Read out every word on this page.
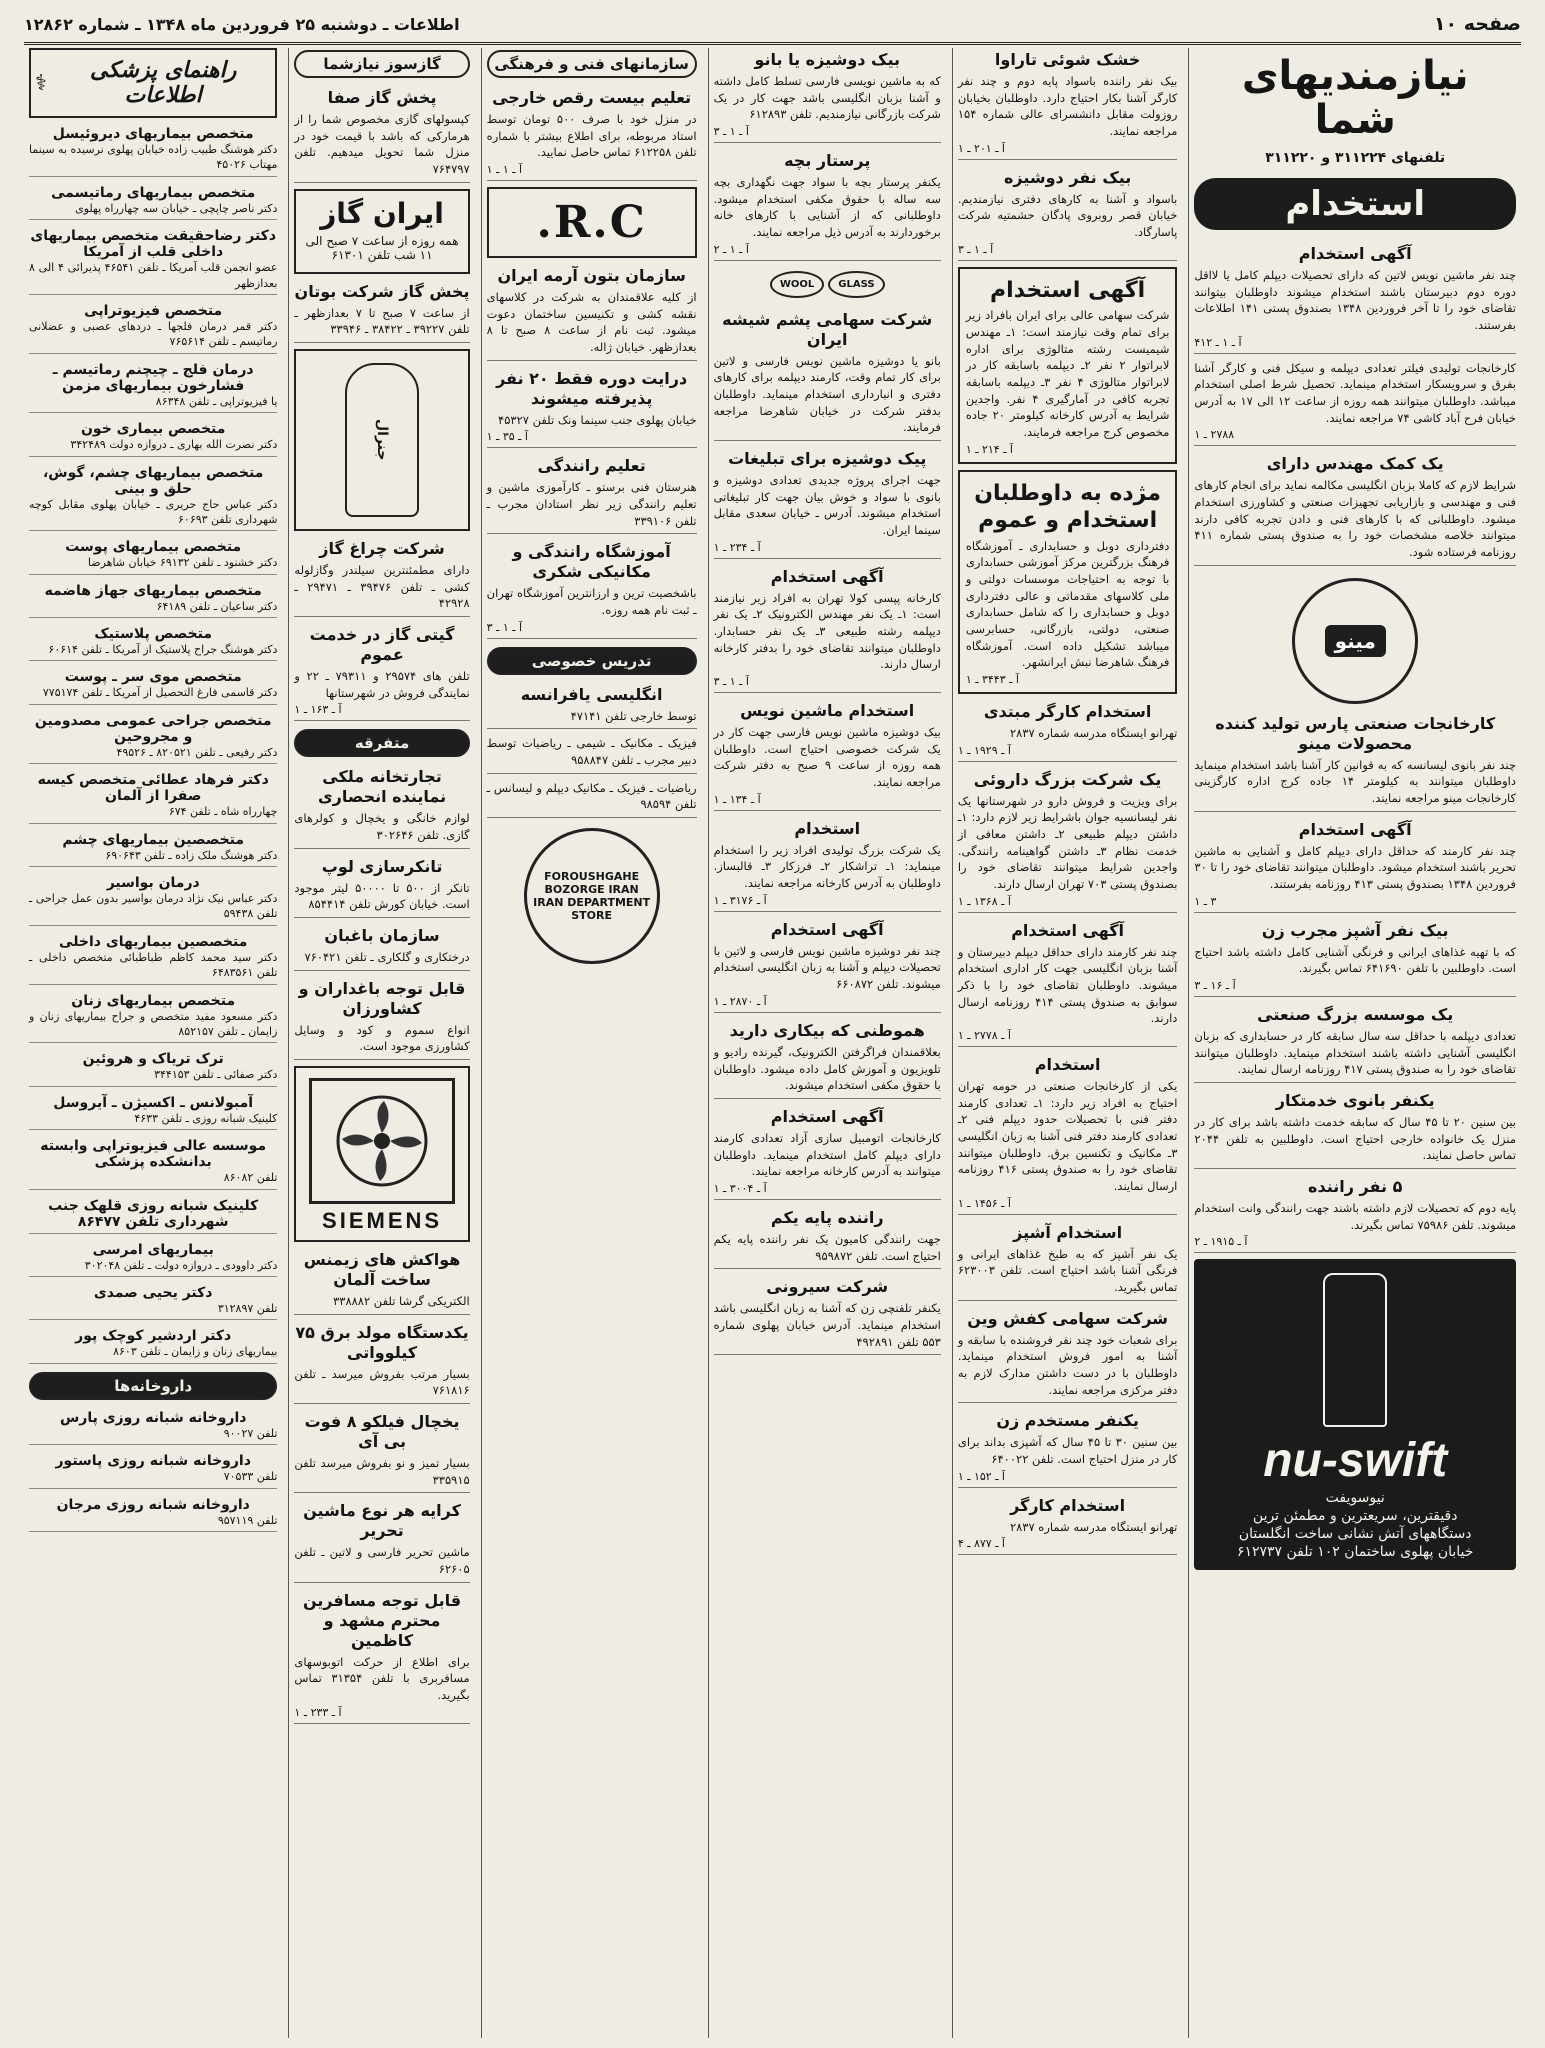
صفحه ۱۰
اطلاعات ـ دوشنبه ۲۵ فروردین ماه ۱۳۴۸ ـ شماره ۱۲۸۶۲
نیازمندیهای شما
تلفنهای ۳۱۱۲۲۴ و ۳۱۱۲۲۰
استخدام
آگهی استخدام

چند نفر ماشین نویس لاتین که دارای تحصیلات دیپلم کامل یا لااقل دوره دوم دبیرستان باشند استخدام میشوند داوطلبان بیتوانند تقاضای خود را تا آخر فروردین ۱۳۴۸ بصندوق پستی ۱۴۱ اطلاعات بفرستند.

آ ـ ۱ ـ ۴۱۲

کارخانجات تولیدی فیلتر تعدادی دیپلمه و سیکل فنی و کارگر آشنا بفرق و سرویسکار استخدام مینماید. تحصیل شرط اصلی استخدام میباشد. داوطلبان میتوانند همه روزه از ساعت ۱۲ الی ۱۷ به آدرس خیابان فرح آباد کاشی ۷۴ مراجعه نمایند.

۲۷۸۸ ـ ۱
یک کمک مهندس دارای

شرایط لازم که کاملا بزبان انگلیسی مکالمه نماید برای انجام کارهای فنی و مهندسی و بازاریابی تجهیزات صنعتی و کشاورزی استخدام میشود. داوطلبانی که با کارهای فنی و دادن تجربه کافی دارند میتوانند خلاصه مشخصات خود را به صندوق پستی شماره ۴۱۱ روزنامه فرستاده شود.

مینو
کارخانجات صنعتی پارس تولید کننده محصولات مینو

چند نفر بانوی لیسانسه که به قوانین کار آشنا باشد استخدام مینماید داوطلبان میتوانند به کیلومتر ۱۴ جاده کرج اداره کارگزینی کارخانجات مینو مراجعه نمایند.

آگهی استخدام

چند نفر کارمند که حداقل دارای دیپلم کامل و آشنایی به ماشین تحریر باشند استخدام میشود. داوطلبان میتوانند تقاضای خود را تا ۳۰ فروردین ۱۳۴۸ بصندوق پستی ۴۱۳ روزنامه بفرستند.

۳ ـ ۱
بیک نفر آشپز مجرب زن

که با تهیه غذاهای ایرانی و فرنگی آشنایی کامل داشته باشد احتیاج است. داوطلبین با تلفن ۶۴۱۶۹۰ تماس بگیرند.

آ ـ ۱۶ ـ ۳
یک موسسه بزرگ صنعتی

تعدادی دیپلمه با حداقل سه سال سابقه کار در حسابداری که بزبان انگلیسی آشنایی داشته باشند استخدام مینماید. داوطلبان میتوانند تقاضای خود را به صندوق پستی ۴۱۷ روزنامه ارسال نمایند.

یکنفر بانوی خدمتکار

بین سنین ۲۰ تا ۴۵ سال که سابقه خدمت داشته باشد برای کار در منزل یک خانواده خارجی احتیاج است. داوطلبین به تلفن ۲۰۴۴ تماس حاصل نمایند.

۵ نفر راننده

پایه دوم که تحصیلات لازم داشته باشند جهت رانندگی وانت استخدام میشوند. تلفن ۷۵۹۸۶ تماس بگیرند.

آ ـ ۱۹۱۵ ـ ۲
nu-swift

نیوسویفت

دقیقترین، سریعترین و مطمئن ترین

دستگاههای آتش نشانی ساخت انگلستان

خیابان پهلوی ساختمان ۱۰۲ تلفن ۶۱۲۷۳۷

خشک شوئی تاراوا

بیک نفر راننده باسواد پایه دوم و چند نفر کارگر آشنا بکار احتیاج دارد. داوطلبان بخیابان روزولت مقابل دانشسرای عالی شماره ۱۵۴ مراجعه نمایند.

آ ـ ۲۰۱ ـ ۱
بیک نفر دوشیزه

باسواد و آشنا به کارهای دفتری نیازمندیم. خیابان قصر روبروی پادگان حشمتیه شرکت پاسارگاد.

آ ـ ۱ ـ ۳
آگهی استخدام

شرکت سهامی عالی برای ایران بافراد زیر برای تمام وقت نیازمند است: ۱ـ مهندس شیمیست رشته متالوژی برای اداره لابراتوار ۲ نفر ۲ـ دیپلمه باسابقه کار در لابراتوار متالوژی ۴ نفر ۳ـ دیپلمه باسابقه تجربه کافی در آمارگیری ۴ نفر. واجدین شرایط به آدرس کارخانه کیلومتر ۲۰ جاده مخصوص کرج مراجعه فرمایند.

آ ـ ۲۱۴ ـ ۱
مژده به داوطلبان استخدام و عموم

دفترداری دوبل و حسابداری ـ آموزشگاه فرهنگ بزرگترین مرکز آموزشی حسابداری با توجه به احتیاجات موسسات دولتی و ملی کلاسهای مقدماتی و عالی دفترداری دوبل و حسابداری را که شامل حسابداری صنعتی، دولتی، بازرگانی، حسابرسی میباشد تشکیل داده است. آموزشگاه فرهنگ شاهرضا نبش ایرانشهر.

آ ـ ۳۴۴۳ ـ ۱
استخدام کارگر مبتدی

تهرانو ایستگاه مدرسه شماره ۲۸۳۷

آ ـ ۱۹۲۹ ـ ۱
یک شرکت بزرگ داروئی

برای ویزیت و فروش دارو در شهرستانها یک نفر لیسانسیه جوان باشرایط زیر لازم دارد: ۱ـ داشتن دیپلم طبیعی ۲ـ داشتن معافی از خدمت نظام ۳ـ داشتن گواهینامه رانندگی. واجدین شرایط میتوانند تقاضای خود را بصندوق پستی ۷۰۳ تهران ارسال دارند.

آ ـ ۱۳۶۸ ـ ۱
آگهی استخدام

چند نفر کارمند دارای حداقل دیپلم دبیرستان و آشنا بزبان انگلیسی جهت کار اداری استخدام میشوند. داوطلبان تقاضای خود را با ذکر سوابق به صندوق پستی ۴۱۴ روزنامه ارسال دارند.

آ ـ ۲۷۷۸ ـ ۱
استخدام

یکی از کارخانجات صنعتی در حومه تهران احتیاج به افراد زیر دارد: ۱ـ تعدادی کارمند دفتر فنی با تحصیلات حدود دیپلم فنی ۲ـ تعدادی کارمند دفتر فنی آشنا به زبان انگلیسی ۳ـ مکانیک و تکنسین برق. داوطلبان میتوانند تقاضای خود را به صندوق پستی ۴۱۶ روزنامه ارسال نمایند.

آ ـ ۱۴۵۶ ـ ۱
استخدام آشپز

یک نفر آشپز که به طبخ غذاهای ایرانی و فرنگی آشنا باشد احتیاج است. تلفن ۶۲۳۰۰۳ تماس بگیرید.

شرکت سهامی کفش وین

برای شعبات خود چند نفر فروشنده با سابقه و آشنا به امور فروش استخدام مینماید. داوطلبان با در دست داشتن مدارک لازم به دفتر مرکزی مراجعه نمایند.

یکنفر مستخدم زن

بین سنین ۳۰ تا ۴۵ سال که آشپزی بداند برای کار در منزل احتیاج است. تلفن ۶۴۰۰۲۲

آ ـ ۱۵۲ ـ ۱
استخدام کارگر

تهرانو ایستگاه مدرسه شماره ۲۸۳۷

آ ـ ۸۷۷ ـ ۴
بیک دوشیزه یا بانو

که به ماشین نویسی فارسی تسلط کامل داشته و آشنا بزبان انگلیسی باشد جهت کار در یک شرکت بازرگانی نیازمندیم. تلفن ۶۱۲۸۹۳

آ ـ ۱ ـ ۳
پرستار بچه

یکنفر پرستار بچه با سواد جهت نگهداری بچه سه ساله با حقوق مکفی استخدام میشود. داوطلبانی که از آشنایی با کارهای خانه برخوردارند به آدرس ذیل مراجعه نمایند.

آ ـ ۱ ـ ۲
GLASS
WOOL
شرکت سهامی پشم شیشه ایران

بانو یا دوشیزه ماشین نویس فارسی و لاتین برای کار تمام وقت، کارمند دیپلمه برای کارهای دفتری و انبارداری استخدام مینماید. داوطلبان بدفتر شرکت در خیابان شاهرضا مراجعه فرمایند.

پیک دوشیزه برای تبلیغات

جهت اجرای پروژه جدیدی تعدادی دوشیزه و بانوی با سواد و خوش بیان جهت کار تبلیغاتی استخدام میشوند. آدرس ـ خیابان سعدی مقابل سینما ایران.

آ ـ ۲۳۴ ـ ۱
آگهی استخدام

کارخانه پپسی کولا تهران به افراد زیر نیازمند است: ۱ـ یک نفر مهندس الکترونیک ۲ـ یک نفر دیپلمه رشته طبیعی ۳ـ یک نفر حسابدار. داوطلبان میتوانند تقاضای خود را بدفتر کارخانه ارسال دارند.

آ ـ ۱ ـ ۳
استخدام ماشین نویس

بیک دوشیزه ماشین نویس فارسی جهت کار در یک شرکت خصوصی احتیاج است. داوطلبان همه روزه از ساعت ۹ صبح به دفتر شرکت مراجعه نمایند.

آ ـ ۱۳۴ ـ ۱
استخدام

یک شرکت بزرگ تولیدی افراد زیر را استخدام مینماید: ۱ـ تراشکار ۲ـ فرزکار ۳ـ قالبساز. داوطلبان به آدرس کارخانه مراجعه نمایند.

آ ـ ۳۱۷۶ ـ ۱
آگهی استخدام

چند نفر دوشیزه ماشین نویس فارسی و لاتین با تحصیلات دیپلم و آشنا به زبان انگلیسی استخدام میشوند. تلفن ۶۶۰۸۷۲

آ ـ ۲۸۷۰ ـ ۱
هموطنی که بیکاری دارید

بعلاقمندان فراگرفتن الکترونیک، گیرنده رادیو و تلویزیون و آموزش کامل داده میشود. داوطلبان با حقوق مکفی استخدام میشوند.

آگهی استخدام

کارخانجات اتومبیل سازی آزاد تعدادی کارمند دارای دیپلم کامل استخدام مینماید. داوطلبان میتوانند به آدرس کارخانه مراجعه نمایند.

آ ـ ۳۰۰۴ ـ ۱
راننده پایه یکم

جهت رانندگی کامیون یک نفر راننده پایه یکم احتیاج است. تلفن ۹۵۹۸۷۲

شرکت سیرونی

یکنفر تلفنچی زن که آشنا به زبان انگلیسی باشد استخدام مینماید. آدرس خیابان پهلوی شماره ۵۵۳ تلفن ۴۹۲۸۹۱

سازمانهای فنی و فرهنگی
تعلیم بیست رقص خارجی

در منزل خود با صرف ۵۰۰ تومان توسط استاد مربوطه، برای اطلاع بیشتر با شماره تلفن ۶۱۲۲۵۸ تماس حاصل نمایید.

آ ـ ۱ ـ ۱
R.C.
سازمان بتون آرمه ایران

از کلیه علاقمندان به شرکت در کلاسهای نقشه کشی و تکنیسین ساختمان دعوت میشود. ثبت نام از ساعت ۸ صبح تا ۸ بعدازظهر. خیابان ژاله.

درایت دوره فقط ۲۰ نفر پذیرفته میشوند

خیابان پهلوی جنب سینما ونک تلفن ۴۵۳۲۷

آ ـ ۳۵ ـ ۱
تعلیم رانندگی

هنرستان فنی برستو ـ کارآموزی ماشین و تعلیم رانندگی زیر نظر استادان مجرب ـ تلفن ۳۳۹۱۰۶

آموزشگاه رانندگی و مکانیکی شکری

باشخصیت ترین و ارزانترین آموزشگاه تهران ـ ثبت نام همه روزه.

آ ـ ۱ ـ ۳
تدریس خصوصی
انگلیسی یافرانسه

توسط خارجی تلفن ۴۷۱۴۱

فیزیک ـ مکانیک ـ شیمی ـ ریاضیات توسط دبیر مجرب ـ تلفن ۹۵۸۸۴۷

ریاضیات ـ فیزیک ـ مکانیک دیپلم و لیسانس ـ تلفن ۹۸۵۹۴

FOROUSHGAHE BOZORGE IRAN
IRAN DEPARTMENT STORE
گازسوز نیازشما
پخش گاز صفا

کپسولهای گازی مخصوص شما را از هرمارکی که باشد با قیمت خود در منزل شما تحویل میدهیم. تلفن ۷۶۴۷۹۷

ایران گاز

همه روزه از ساعت ۷ صبح الی ۱۱ شب تلفن ۶۱۳۰۱

پخش گاز شرکت بوتان

از ساعت ۷ صبح تا ۷ بعدازظهر ـ تلفن ۳۹۲۲۷ ـ ۳۸۴۲۲ ـ ۳۳۹۴۶

جنرال
شرکت چراغ گاز

دارای مطمئنترین سیلندر وگازلوله کشی ـ تلفن ۳۹۴۷۶ ـ ۲۹۴۷۱ ـ ۴۲۹۲۸

گیتی گاز در خدمت عموم

تلفن های ۲۹۵۷۴ و ۷۹۳۱۱ ـ ۲۲ و نمایندگی فروش در شهرستانها

آ ـ ۱۶۳ ـ ۱
متفرقه
تجارتخانه ملکی نماینده انحصاری

لوازم خانگی و یخچال و کولرهای گازی. تلفن ۳۰۲۶۴۶

تانکرسازی لوپ

تانکر از ۵۰۰ تا ۵۰۰۰۰ لیتر موجود است. خیابان کورش تلفن ۸۵۴۴۱۴

سازمان باغبان

درختکاری و گلکاری ـ تلفن ۷۶۰۴۲۱

قابل توجه باغداران و کشاورزان

انواع سموم و کود و وسایل کشاورزی موجود است.

SIEMENS
هواکش های زیمنس ساخت آلمان

الکتریکی گرشا تلفن ۳۳۸۸۸۲

یکدستگاه مولد برق ۷۵ کیلوواتی

بسیار مرتب بفروش میرسد ـ تلفن ۷۶۱۸۱۶

یخچال فیلکو ۸ فوت بی آی

بسیار تمیز و نو بفروش میرسد تلفن ۳۳۵۹۱۵

کرایه هر نوع ماشین تحریر

ماشین تحریر فارسی و لاتین ـ تلفن ۶۲۶۰۵

قابل توجه مسافرین محترم مشهد و کاظمین

برای اطلاع از حرکت اتوبوسهای مسافربری با تلفن ۳۱۳۵۴ تماس بگیرید.

آ ـ ۲۳۳ ـ ۱
راهنمای پزشکی اطلاعات
⚕
متخصص بیماریهای دیروئیسل
دکتر هوشنگ طبیب زاده خیابان پهلوی نرسیده به سینما مهتاب ۴۵۰۲۶
متخصص بیماریهای رماتیسمی
دکتر ناصر چاپچی ـ خیابان سه چهارراه پهلوی
دکتر رضاحقیقت متخصص بیماریهای داخلی قلب از آمریکا
عضو انجمن قلب آمریکا ـ تلفن ۴۶۵۴۱ پذیرائی ۴ الی ۸ بعدازظهر
متخصص فیزیوتراپی
دکتر قمر درمان فلجها ـ دردهای عصبی و عضلانی رماتیسم ـ تلفن ۷۶۵۶۱۴
درمان فلج ـ چیچنم رماتیسم ـ فشارخون بیماریهای مزمن
یا فیزیوتراپی ـ تلفن ۸۶۳۴۸
متخصص بیماری خون
دکتر نصرت الله بهاری ـ دروازه دولت ۳۴۲۴۸۹
متخصص بیماریهای چشم، گوش، حلق و بینی
دکتر عباس حاج حریری ـ خیابان پهلوی مقابل کوچه شهرداری تلفن ۶۰۶۹۳
متخصص بیماریهای پوست
دکتر خشنود ـ تلفن ۶۹۱۳۲ خیابان شاهرضا
متخصص بیماریهای جهاز هاضمه
دکتر ساعیان ـ تلفن ۶۴۱۸۹
متخصص پلاستیک
دکتر هوشنگ جراح پلاستیک از آمریکا ـ تلفن ۶۰۶۱۴
متخصص موی سر ـ پوست
دکتر قاسمی فارغ التحصیل از آمریکا ـ تلفن ۷۷۵۱۷۴
متخصص جراحی عمومی مصدومین و مجروحین
دکتر رفیعی ـ تلفن ۸۲۰۵۲۱ ـ ۴۹۵۲۶
دکتر فرهاد عطائی متخصص کیسه صفرا از آلمان
چهارراه شاه ـ تلفن ۶۷۴
متخصصین بیماریهای چشم
دکتر هوشنگ ملک زاده ـ تلفن ۶۹۰۶۴۳
درمان بواسیر
دکتر عباس نیک نژاد درمان بواسیر بدون عمل جراحی ـ تلفن ۵۹۴۳۸
متخصصین بیماریهای داخلی
دکتر سید محمد کاظم طباطبائی متخصص داخلی ـ تلفن ۶۴۸۳۵۶۱
متخصص بیماریهای زنان
دکتر مسعود مفید متخصص و جراح بیماریهای زنان و زایمان ـ تلفن ۸۵۲۱۵۷
ترک تریاک و هروئین
دکتر صفائی ـ تلفن ۳۴۴۱۵۳
آمبولانس ـ اکسیژن ـ آیروسل
کلینیک شبانه روزی ـ تلفن ۴۶۳۳
موسسه عالی فیزیوتراپی وابسته بدانشکده پزشکی
تلفن ۸۶۰۸۲
کلینیک شبانه روزی قلهک جنب شهرداری تلفن ۸۶۴۷۷
بیماریهای امرسی
دکتر داوودی ـ دروازه دولت ـ تلفن ۳۰۲۰۴۸
دکتر یحیی صمدی
تلفن ۳۱۲۸۹۷
دکتر اردشیر کوچک پور
بیماریهای زنان و زایمان ـ تلفن ۸۶۰۳
داروخانه‌ها
داروخانه شبانه روزی پارس
تلفن ۹۰۰۲۷
داروخانه شبانه روزی پاستور
تلفن ۷۰۵۳۳
داروخانه شبانه روزی مرجان
تلفن ۹۵۷۱۱۹
